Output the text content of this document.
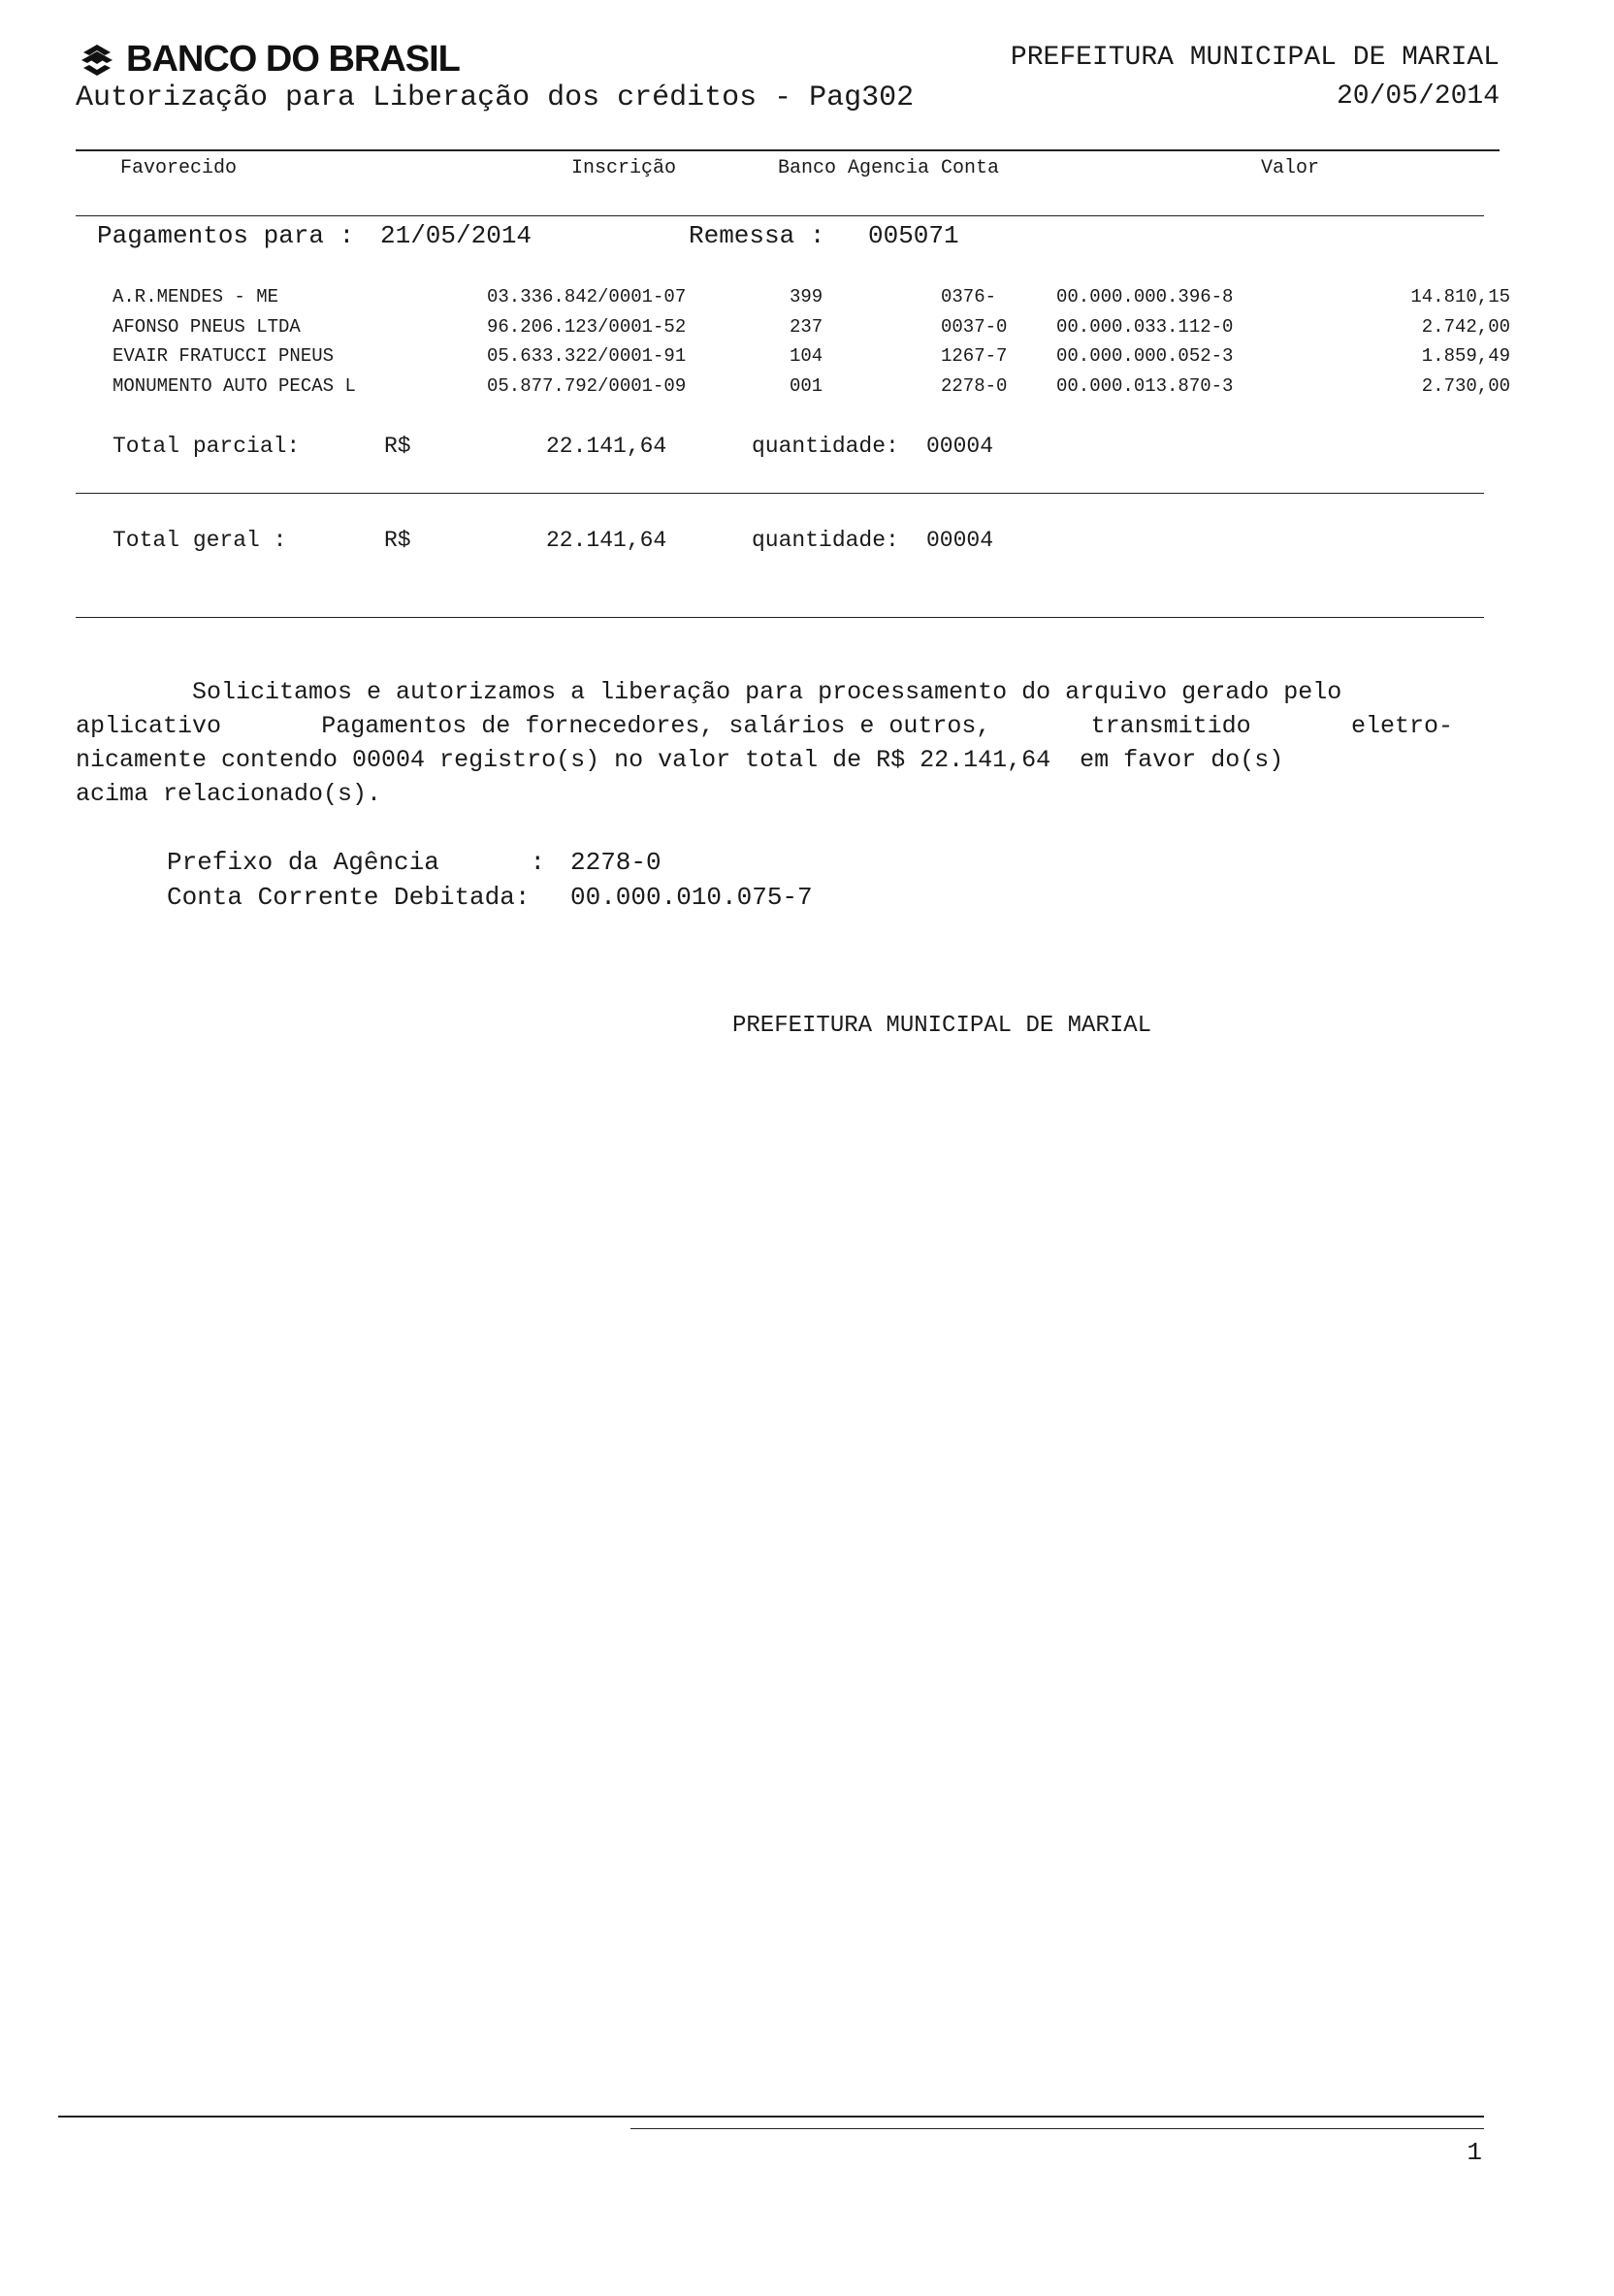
BANCO DO BRASIL
Autorização para Liberação dos créditos - Pag302
PREFEITURA MUNICIPAL DE MARIAL
20/05/2014
Favorecido	Inscrição	Banco Agencia Conta	Valor
Pagamentos para : 21/05/2014	Remessa : 005071
A.R.MENDES - ME	03.336.842/0001-07	399	0376-	00.000.000.396-8	14.810,15
AFONSO PNEUS LTDA	96.206.123/0001-52	237	0037-0	00.000.033.112-0	2.742,00
EVAIR FRATUCCI PNEUS	05.633.322/0001-91	104	1267-7	00.000.000.052-3	1.859,49
MONUMENTO AUTO PECAS L	05.877.792/0001-09	001	2278-0	00.000.013.870-3	2.730,00
Total parcial:	R$	22.141,64	quantidade: 00004
Total geral :	R$	22.141,64	quantidade: 00004
Solicitamos e autorizamos a liberação para processamento do arquivo gerado pelo
aplicativo	Pagamentos de fornecedores, salários e outros,	transmitido	eletro-
nicamente contendo 00004 registro(s) no valor total de R$ 22.141,64  em favor do(s)
acima relacionado(s).
Prefixo da Agência      : 2278-0
Conta Corrente Debitada: 00.000.010.075-7
PREFEITURA MUNICIPAL DE MARIAL
1
